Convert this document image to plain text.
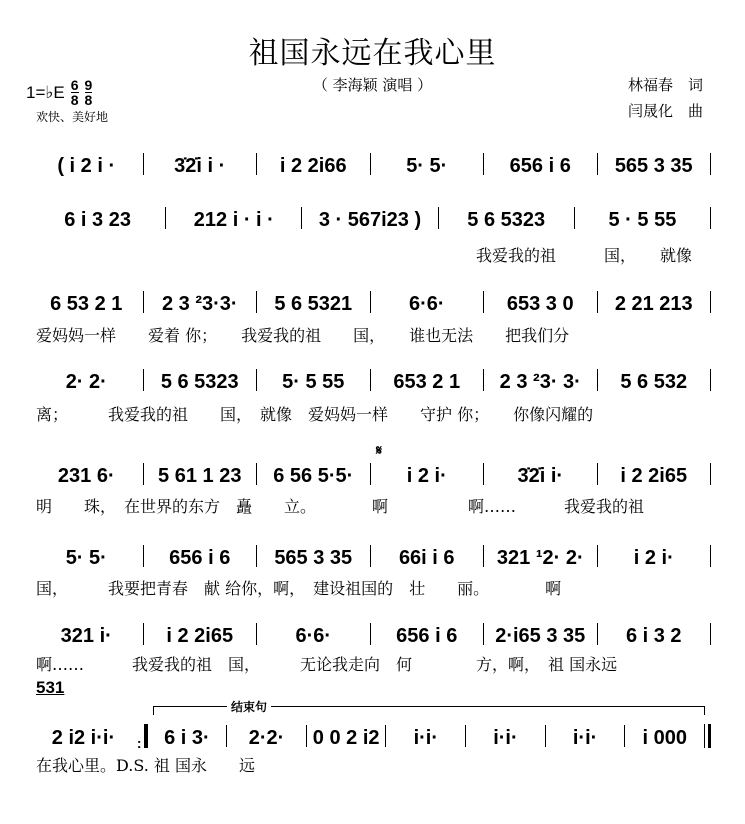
祖国永远在我心里
（ 李海颖 演唱 ）
1=♭E $\frac{6}{8} \frac{9}{8}$
欢快、美好地
林福春　词
闫晟化　曲
( i 2 i ·	3̇2̇i i ·	i 2 2i66	5· 5·	656 i 6 565 3 35
6 i 3 23	212 i · i · 3 · 567i23 ) 5 6 5323	5 · 5 55
我爱我的祖　　　国，　　就像
6 53 2 1 2 3 ²3·3· 5 6 5321	6·6·	653 3 0 2 21 213
爱妈妈一样　　爱着 你；　　我爱我的祖　　国，　　谁也无法　　把我们分
2· 2·	5 6 5323 5· 5 55 653 2 1 2 3 ²3· 3· 5 6 532
离；　　　我爱我的祖　　国，　就像　爱妈妈一样　　守护 你；　　你像闪耀的
𝄋
231 6· 5 61 1 23 6 56 5·5·	i 2 i·	3̇2̇i i·	i 2 2i65
明　　珠，　在世界的东方　矗　　立。　　　　啊　　　　　啊……　　　我爱我的祖
5· 5·	656 i 6 565 3 35 66i i 6 321 ¹2· 2·	i 2 i·
国，　　　我要把青春　献 给你，啊，　建设祖国的　壮　　丽。　　　　啊
321 i·	i 2 2i65	6·6·	656 i 6 2·i65 3 35 6 i 3 2
啊……　　　我爱我的祖　国，　　　无论我走向　何　　　　方，啊，　祖 国永远
531
结束句
2 i2 i·i· : 6 i 3· 2·2· 0 0 2 i2 i·i·	i·i·	i·i· i 000
在我心里。D.S. 祖 国永　　远
